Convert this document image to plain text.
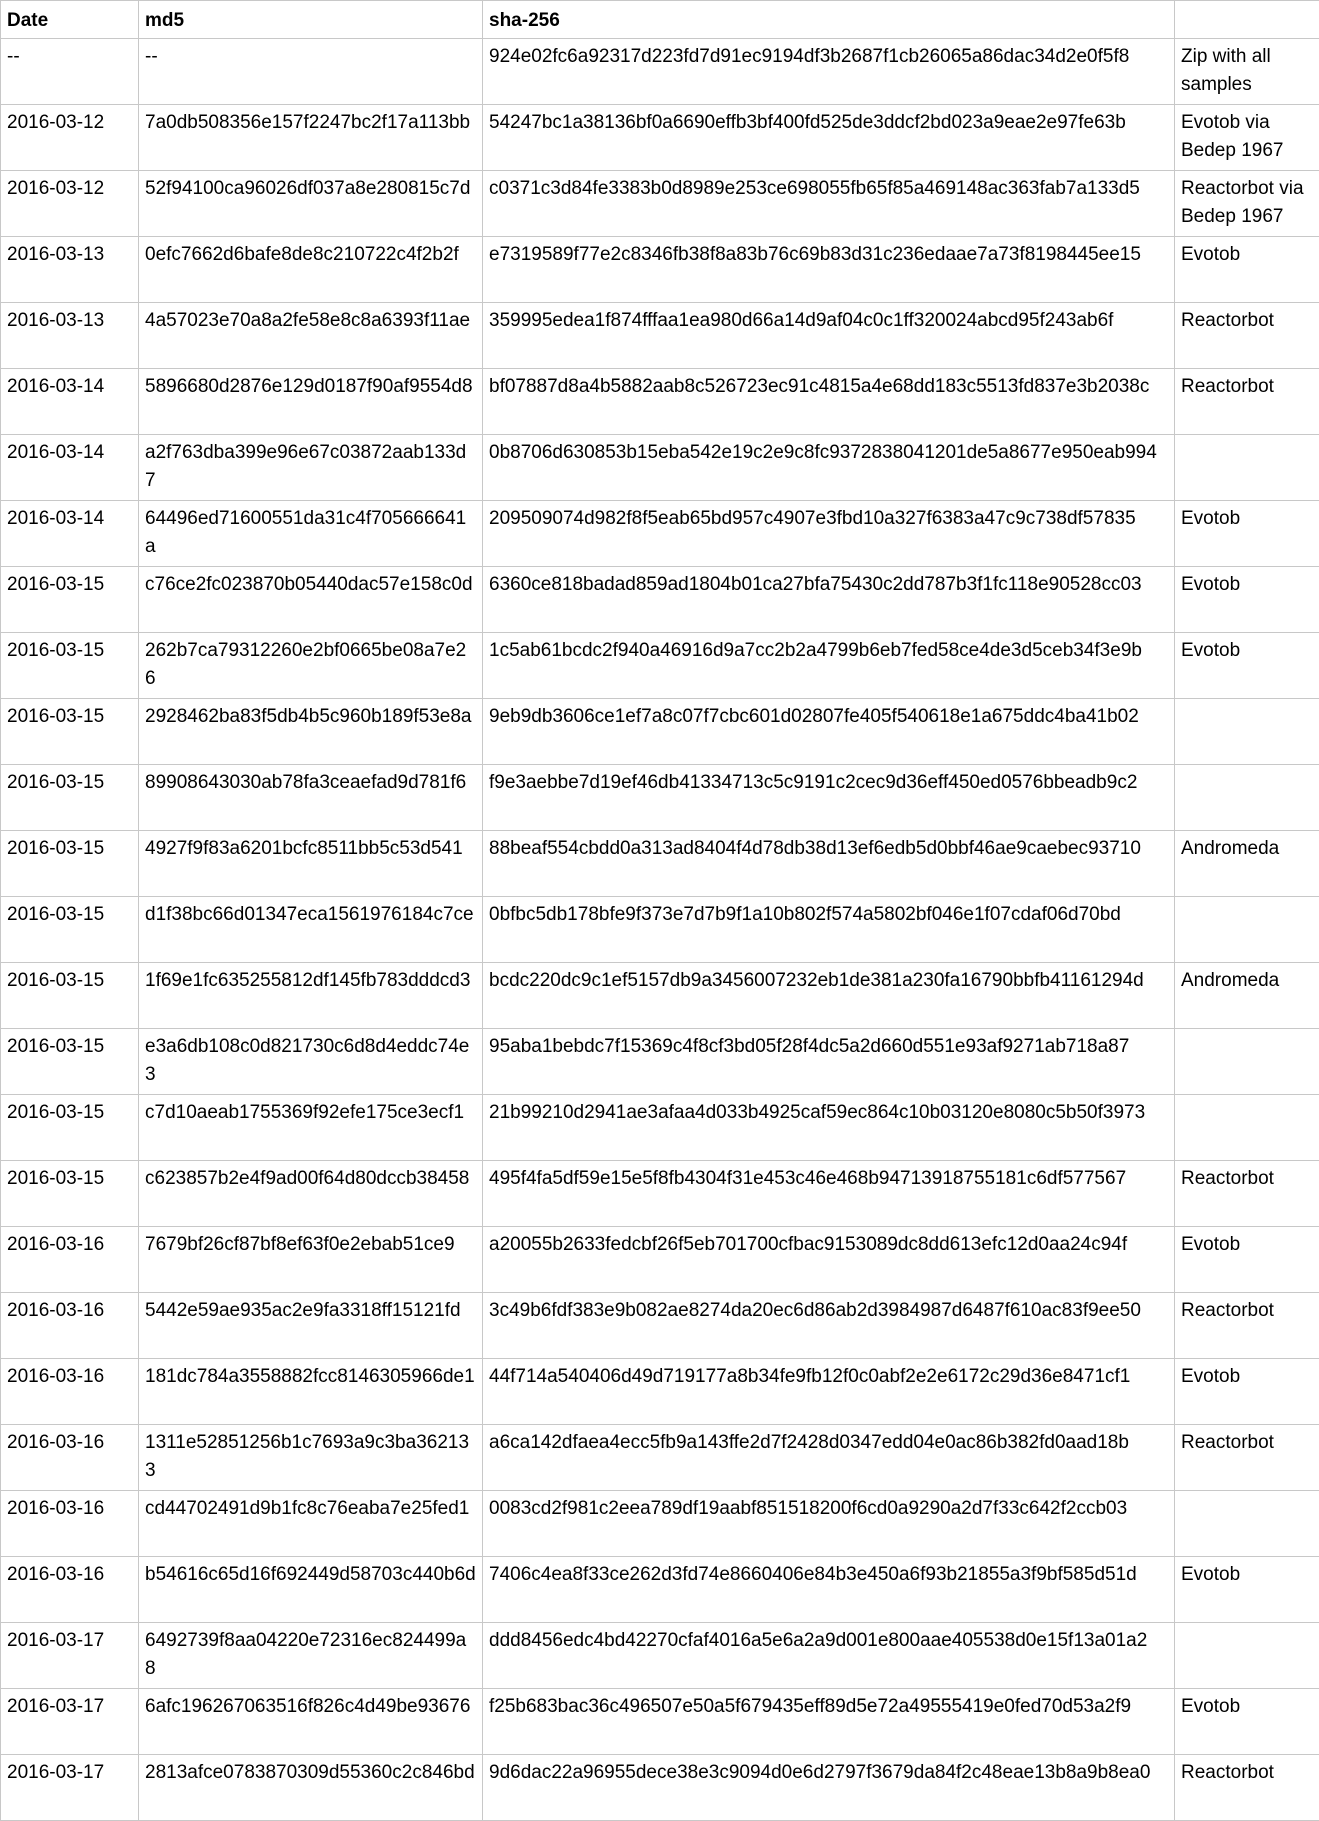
Date	md5	sha-256	
--	--	924e02fc6a92317d223fd7d91ec9194df3b2687f1cb26065a86dac34d2e0f5f8	Zip with all samples
2016-03-12	7a0db508356e157f2247bc2f17a113bb	54247bc1a38136bf0a6690effb3bf400fd525de3ddcf2bd023a9eae2e97fe63b	Evotob via Bedep 1967
2016-03-12	52f94100ca96026df037a8e280815c7d	c0371c3d84fe3383b0d8989e253ce698055fb65f85a469148ac363fab7a133d5	Reactorbot via Bedep 1967
2016-03-13	0efc7662d6bafe8de8c210722c4f2b2f	e7319589f77e2c8346fb38f8a83b76c69b83d31c236edaae7a73f8198445ee15	Evotob
2016-03-13	4a57023e70a8a2fe58e8c8a6393f11ae	359995edea1f874fffaa1ea980d66a14d9af04c0c1ff320024abcd95f243ab6f	Reactorbot
2016-03-14	5896680d2876e129d0187f90af9554d8	bf07887d8a4b5882aab8c526723ec91c4815a4e68dd183c5513fd837e3b2038c	Reactorbot
2016-03-14	a2f763dba399e96e67c03872aab133d7	0b8706d630853b15eba542e19c2e9c8fc9372838041201de5a8677e950eab994	
2016-03-14	64496ed71600551da31c4f705666641a	209509074d982f8f5eab65bd957c4907e3fbd10a327f6383a47c9c738df57835	Evotob
2016-03-15	c76ce2fc023870b05440dac57e158c0d	6360ce818badad859ad1804b01ca27bfa75430c2dd787b3f1fc118e90528cc03	Evotob
2016-03-15	262b7ca79312260e2bf0665be08a7e26	1c5ab61bcdc2f940a46916d9a7cc2b2a4799b6eb7fed58ce4de3d5ceb34f3e9b	Evotob
2016-03-15	2928462ba83f5db4b5c960b189f53e8a	9eb9db3606ce1ef7a8c07f7cbc601d02807fe405f540618e1a675ddc4ba41b02	
2016-03-15	89908643030ab78fa3ceaefad9d781f6	f9e3aebbe7d19ef46db41334713c5c9191c2cec9d36eff450ed0576bbeadb9c2	
2016-03-15	4927f9f83a6201bcfc8511bb5c53d541	88beaf554cbdd0a313ad8404f4d78db38d13ef6edb5d0bbf46ae9caebec93710	Andromeda
2016-03-15	d1f38bc66d01347eca1561976184c7ce	0bfbc5db178bfe9f373e7d7b9f1a10b802f574a5802bf046e1f07cdaf06d70bd	
2016-03-15	1f69e1fc635255812df145fb783dddcd3	bcdc220dc9c1ef5157db9a3456007232eb1de381a230fa16790bbfb41161294d	Andromeda
2016-03-15	e3a6db108c0d821730c6d8d4eddc74e3	95aba1bebdc7f15369c4f8cf3bd05f28f4dc5a2d660d551e93af9271ab718a87	
2016-03-15	c7d10aeab1755369f92efe175ce3ecf1	21b99210d2941ae3afaa4d033b4925caf59ec864c10b03120e8080c5b50f3973	
2016-03-15	c623857b2e4f9ad00f64d80dccb38458	495f4fa5df59e15e5f8fb4304f31e453c46e468b94713918755181c6df577567	Reactorbot
2016-03-16	7679bf26cf87bf8ef63f0e2ebab51ce9	a20055b2633fedcbf26f5eb701700cfbac9153089dc8dd613efc12d0aa24c94f	Evotob
2016-03-16	5442e59ae935ac2e9fa3318ff15121fd	3c49b6fdf383e9b082ae8274da20ec6d86ab2d3984987d6487f610ac83f9ee50	Reactorbot
2016-03-16	181dc784a3558882fcc8146305966de1	44f714a540406d49d719177a8b34fe9fb12f0c0abf2e2e6172c29d36e8471cf1	Evotob
2016-03-16	1311e52851256b1c7693a9c3ba362133	a6ca142dfaea4ecc5fb9a143ffe2d7f2428d0347edd04e0ac86b382fd0aad18b	Reactorbot
2016-03-16	cd44702491d9b1fc8c76eaba7e25fed1	0083cd2f981c2eea789df19aabf851518200f6cd0a9290a2d7f33c642f2ccb03	
2016-03-16	b54616c65d16f692449d58703c440b6d	7406c4ea8f33ce262d3fd74e8660406e84b3e450a6f93b21855a3f9bf585d51d	Evotob
2016-03-17	6492739f8aa04220e72316ec824499a8	ddd8456edc4bd42270cfaf4016a5e6a2a9d001e800aae405538d0e15f13a01a2	
2016-03-17	6afc196267063516f826c4d49be93676	f25b683bac36c496507e50a5f679435eff89d5e72a49555419e0fed70d53a2f9	Evotob
2016-03-17	2813afce0783870309d55360c2c846bd	9d6dac22a96955dece38e3c9094d0e6d2797f3679da84f2c48eae13b8a9b8ea0	Reactorbot
